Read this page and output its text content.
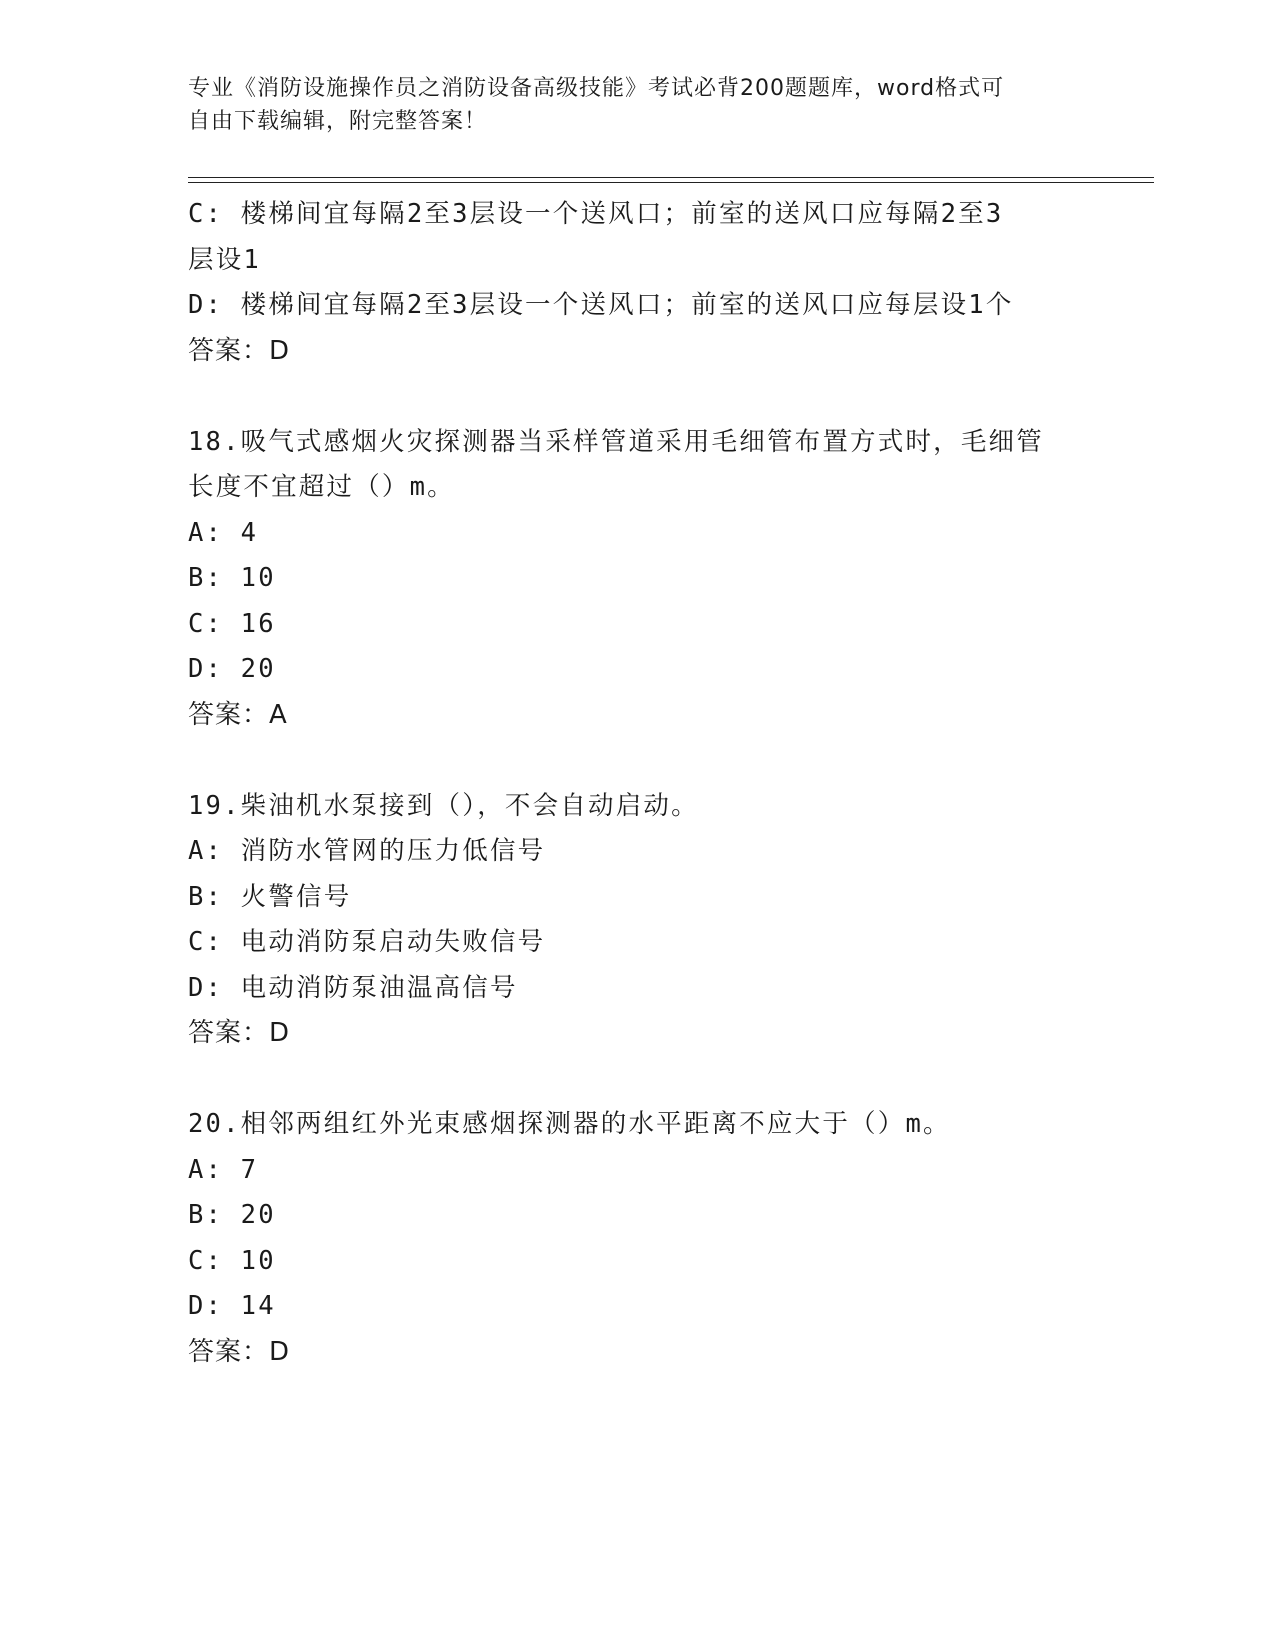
专业《消防设施操作员之消防设备高级技能》考试必背200题题库，word格式可
自由下载编辑，附完整答案！
C: 楼梯间宜每隔2至3层设一个送风口；前室的送风口应每隔2至3
层设1
D: 楼梯间宜每隔2至3层设一个送风口；前室的送风口应每层设1个
答案：D
18.吸气式感烟火灾探测器当采样管道采用毛细管布置方式时，毛细管
长度不宜超过（）m。
A: 4
B: 10
C: 16
D: 20
答案：A
19.柴油机水泵接到（），不会自动启动。
A: 消防水管网的压力低信号
B: 火警信号
C: 电动消防泵启动失败信号
D: 电动消防泵油温高信号
答案：D
20.相邻两组红外光束感烟探测器的水平距离不应大于（）m。
A: 7
B: 20
C: 10
D: 14
答案：D
